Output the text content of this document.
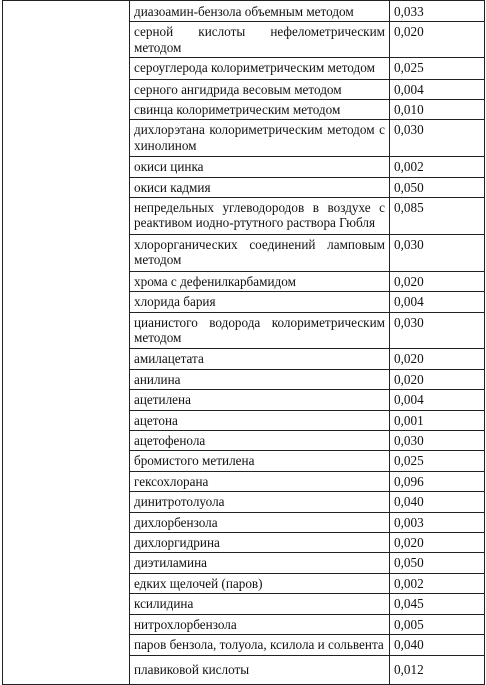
	диазоамин-бензола объемным методом	0,033
	серной кислоты нефелометрическим методом	0,020
	сероуглерода колориметрическим методом	0,025
	серного ангидрида весовым методом	0,004
	свинца колориметрическим методом	0,010
	дихлорэтана колориметрическим методом с хинолином	0,030
	окиси цинка	0,002
	окиси кадмия	0,050
	непредельных углеводородов в воздухе с реактивом иодно-ртутного раствора Гюбля	0,085
	хлорорганических соединений ламповым методом	0,030
	хрома с дефенилкарбамидом	0,020
	хлорида бария	0,004
	цианистого водорода колориметрическим методом	0,030
	амилацетата	0,020
	анилина	0,020
	ацетилена	0,004
	ацетона	0,001
	ацетофенола	0,030
	бромистого метилена	0,025
	гексохлорана	0,096
	динитротолуола	0,040
	дихлорбензола	0,003
	дихлоргидрина	0,020
	диэтиламина	0,050
	едких щелочей (паров)	0,002
	ксилидина	0,045
	нитрохлорбензола	0,005
	паров бензола, толуола, ксилола и сольвента	0,040
	плавиковой кислоты	0,012
